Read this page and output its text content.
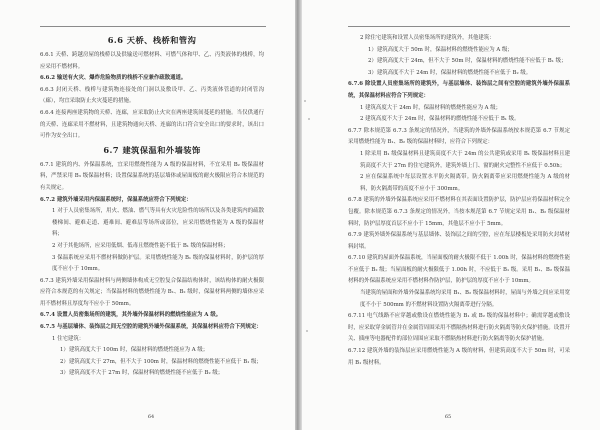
6.6 天桥、栈桥和管沟

6.6.1 天桥、跨越房屋的栈桥以及供输送可燃材料、可燃气体和甲、乙、丙类液体的栈桥，均应采用不燃材料。

6.6.2 输送有火灾、爆炸危险物质的栈桥不应兼作疏散通道。

6.6.3 封闭天桥、栈桥与建筑物连接处的门洞以及敷设甲、乙、丙类液体管道的封闭管沟（廊），均宜采取防止火灾蔓延的措施。

6.6.4 连接两座建筑物的天桥、连廊，应采取防止火灾在两座建筑间蔓延的措施。当仅供通行的天桥、连廊采用不燃材料，且建筑物通向天桥、连廊的出口符合安全出口的要求时，该出口可作为安全出口。

6.7 建筑保温和外墙装饰

6.7.1 建筑的内、外保温系统，宜采用燃烧性能为 A 级的保温材料，不宜采用 B₂ 级保温材料，严禁采用 B₃ 级保温材料；设置保温系统的基层墙体或屋面板的耐火极限应符合本规范的有关规定。

6.7.2 建筑外墙采用内保温系统时，保温系统应符合下列规定：

1 对于人员密集场所，用火、燃油、燃气等具有火灾危险性的场所以及各类建筑内的疏散楼梯间、避难走道、避难间、避难层等场所或部位，应采用燃烧性能为 A 级的保温材料；

2 对于其他场所，应采用低烟、低毒且燃烧性能不低于 B₁ 级的保温材料；

3 保温系统应采用不燃材料做防护层。采用燃烧性能为 B₁ 级的保温材料时，防护层的厚度不应小于 10mm。

6.7.3 建筑外墙采用保温材料与两侧墙体构成无空腔复合保温结构体时，该结构体的耐火极限应符合本规范的有关规定；当保温材料的燃烧性能为 B₁、B₂ 级时，保温材料两侧的墙体应采用不燃材料且厚度均不应小于 50mm。

6.7.4 设置人员密集场所的建筑，其外墙外保温材料的燃烧性能应为 A 级。

6.7.5 与基层墙体、装饰层之间无空腔的建筑外墙外保温系统，其保温材料应符合下列规定：

1 住宅建筑：

1）建筑高度大于 100m 时，保温材料的燃烧性能应为 A 级；

2）建筑高度大于 27m，但不大于 100m 时，保温材料的燃烧性能不应低于 B₁ 级；

3）建筑高度不大于 27m 时，保温材料的燃烧性能不应低于 B₂ 级；

64

2 除住宅建筑和设置人员密集场所的建筑外，其他建筑：

1）建筑高度大于 50m 时，保温材料的燃烧性能应为 A 级；

2）建筑高度大于 24m，但不大于 50m 时，保温材料的燃烧性能不应低于 B₁ 级；

3）建筑高度不大于 24m 时，保温材料的燃烧性能不应低于 B₂ 级。

6.7.6 除设置人员密集场所的建筑外，与基层墙体、装饰层之间有空腔的建筑外墙外保温系统，其保温材料应符合下列规定：

1 建筑高度大于 24m 时，保温材料的燃烧性能应为 A 级；

2 建筑高度不大于 24m 时，保温材料的燃烧性能不应低于 B₁ 级。

6.7.7 除本规范第 6.7.3 条规定的情况外，当建筑的外墙外保温系统按本规范第 6.7 节规定采用燃烧性能为 B₁、B₂ 级的保温材料时，应符合下列规定：

1 除采用 B₁ 级保温材料且建筑高度不大于 24m 的公共建筑或采用 B₁ 级保温材料且建筑高度不大于 27m 的住宅建筑外，建筑外墙上门、窗的耐火完整性不应低于 0.50h；

2 应在保温系统中每层设置水平防火隔离带。防火隔离带应采用燃烧性能为 A 级的材料，防火隔离带的高度不应小于 300mm。

6.7.8 建筑的外墙外保温系统应采用不燃材料在其表面设置防护层，防护层应将保温材料完全包覆。除本规范第 6.7.3 条规定的情况外，当按本规范第 6.7 节规定采用 B₁、B₂ 级保温材料时，防护层厚度首层不应小于 15mm，其他层不应小于 5mm。

6.7.9 建筑外墙外保温系统与基层墙体、装饰层之间的空腔，应在每层楼板处采用防火封堵材料封堵。

6.7.10 建筑的屋面外保温系统，当屋面板的耐火极限不低于 1.00h 时，保温材料的燃烧性能不应低于 B₂ 级；当屋面板的耐火极限低于 1.00h 时，不应低于 B₁ 级。采用 B₁、B₂ 级保温材料的外保温系统应采用不燃材料作防护层，防护层的厚度不应小于 10mm。

当建筑的屋面和外墙外保温系统均采用 B₁、B₂ 级保温材料时，屋面与外墙之间应采用宽度不小于 500mm 的不燃材料设置防火隔离带进行分隔。

6.7.11 电气线路不应穿越或敷设在燃烧性能为 B₁ 或 B₂ 级的保温材料中；确需穿越或敷设时，应采取穿金属管并在金属管周围采用不燃隔热材料进行防火隔离等防火保护措施。设置开关、插座等电器配件的部位周围应采取不燃隔热材料进行防火隔离等防火保护措施。

6.7.12 建筑外墙的装饰层应采用燃烧性能为 A 级的材料，但建筑高度不大于 50m 时，可采用 B₁ 级材料。

65
